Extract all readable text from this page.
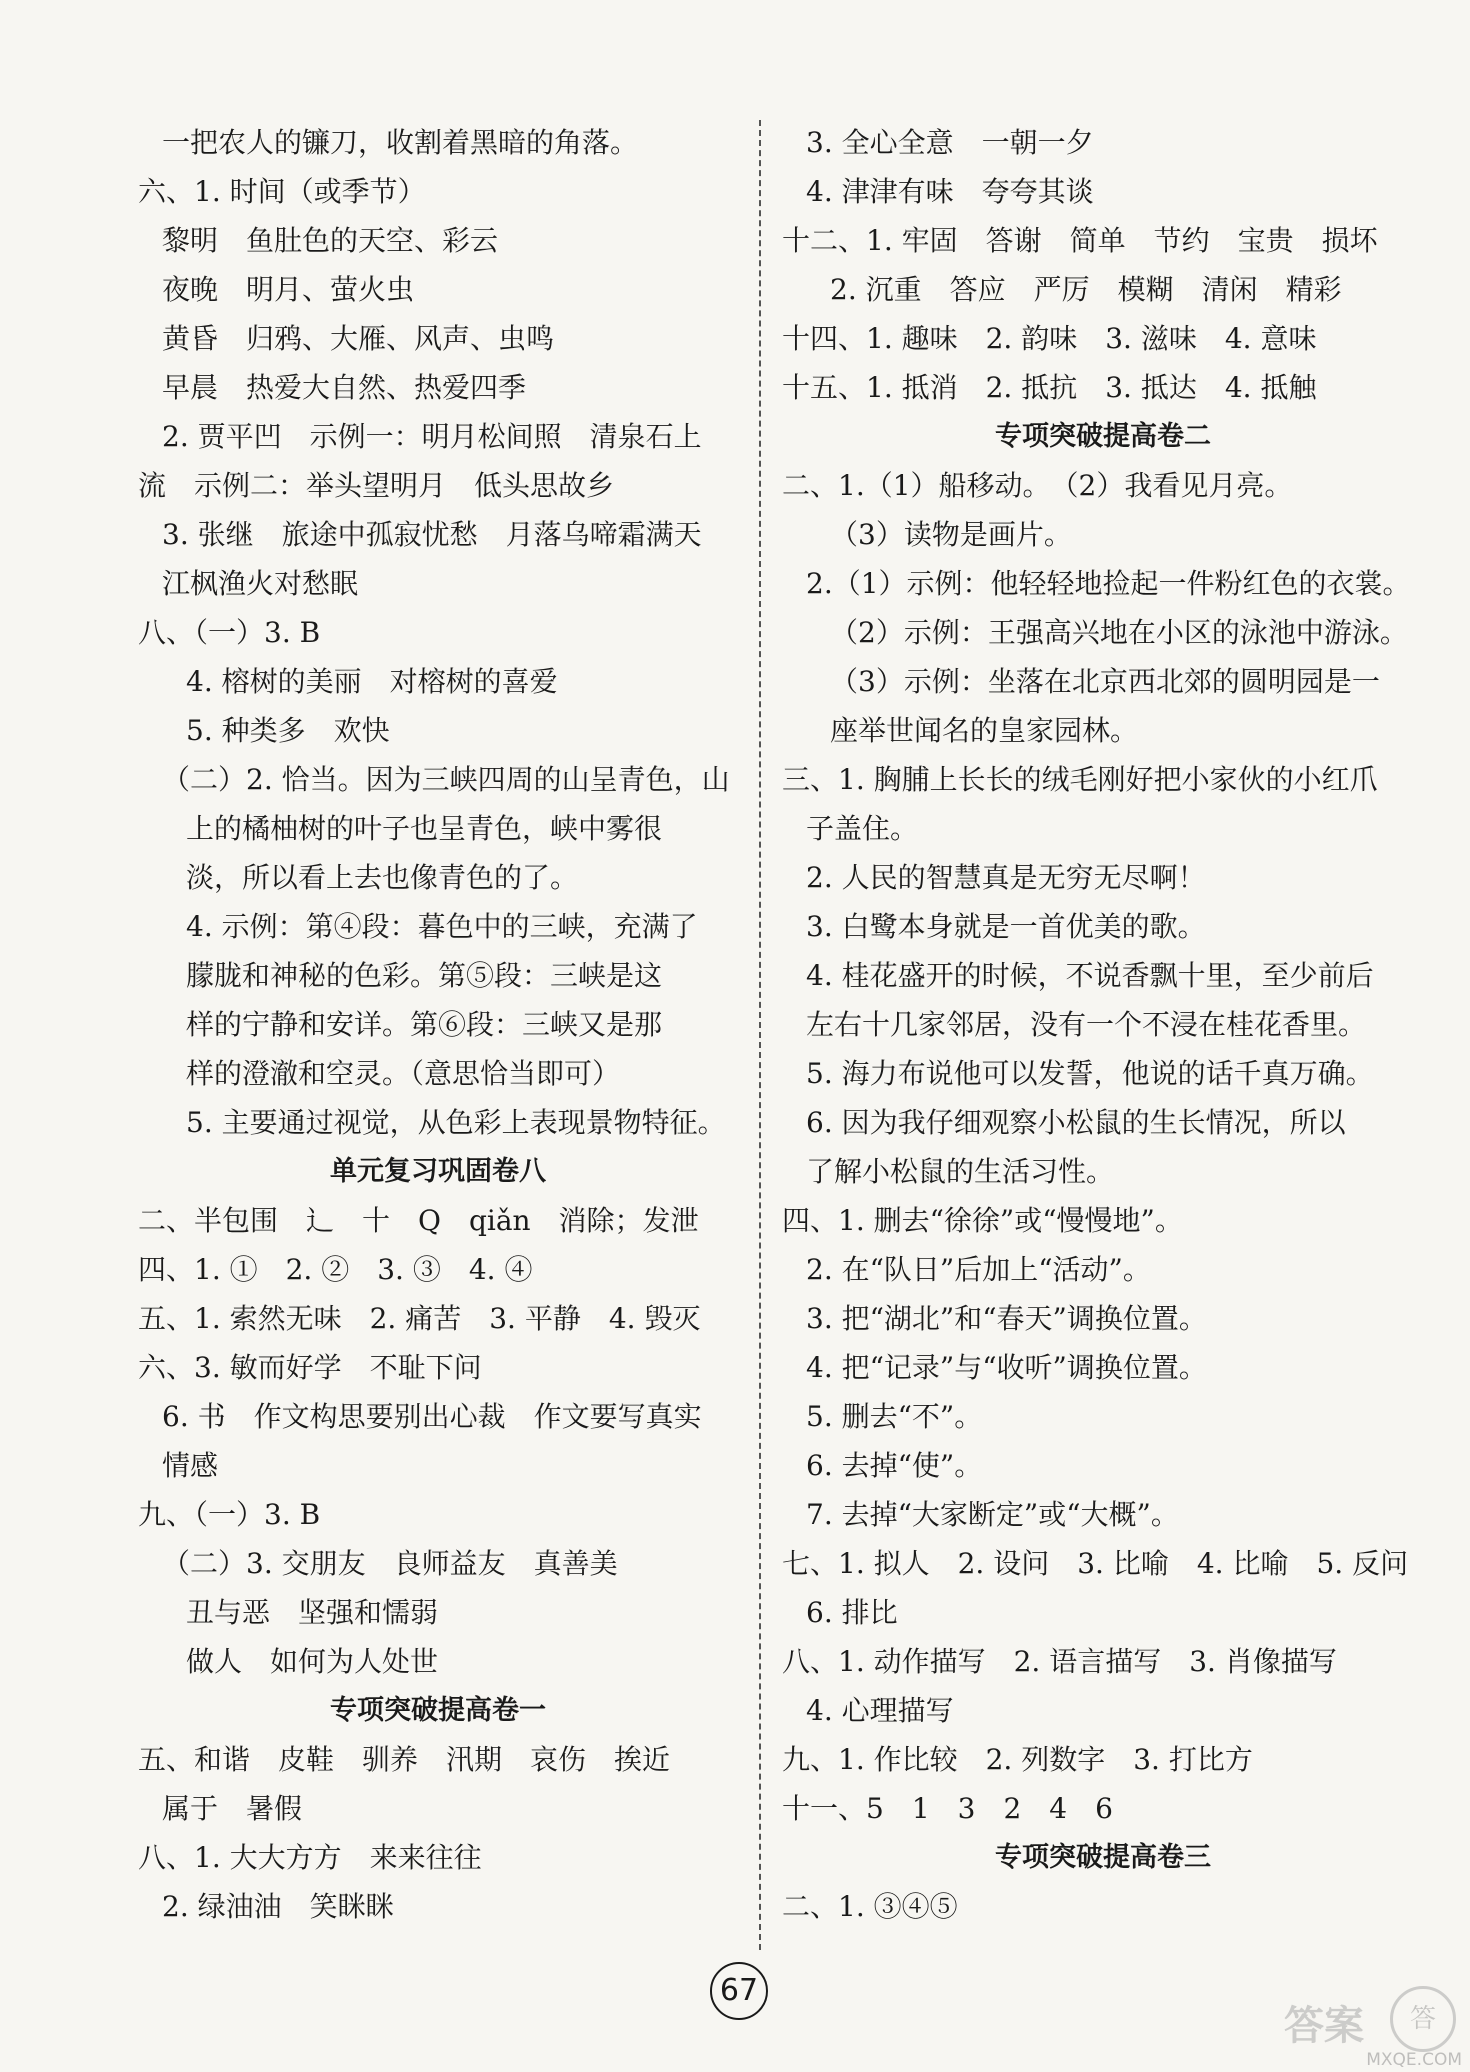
一把农人的镰刀，收割着黑暗的角落。
六、1. 时间（或季节）
黎明　鱼肚色的天空、彩云
夜晚　明月、萤火虫
黄昏　归鸦、大雁、风声、虫鸣
早晨　热爱大自然、热爱四季
2. 贾平凹　示例一：明月松间照　清泉石上
流　示例二：举头望明月　低头思故乡
3. 张继　旅途中孤寂忧愁　月落乌啼霜满天
江枫渔火对愁眠
八、（一）3. B
4. 榕树的美丽　对榕树的喜爱
5. 种类多　欢快
（二）2. 恰当。因为三峡四周的山呈青色，山
上的橘柚树的叶子也呈青色，峡中雾很
淡，所以看上去也像青色的了。
4. 示例：第④段：暮色中的三峡，充满了
朦胧和神秘的色彩。第⑤段：三峡是这
样的宁静和安详。第⑥段：三峡又是那
样的澄澈和空灵。（意思恰当即可）
5. 主要通过视觉，从色彩上表现景物特征。
单元复习巩固卷八
二、半包围　辶　十　Q　qiǎn　消除；发泄
四、1. ①　2. ②　3. ③　4. ④
五、1. 索然无味　2. 痛苦　3. 平静　4. 毁灭
六、3. 敏而好学　不耻下问
6. 书　作文构思要别出心裁　作文要写真实
情感
九、（一）3. B
（二）3. 交朋友　良师益友　真善美
丑与恶　坚强和懦弱
做人　如何为人处世
专项突破提高卷一
五、和谐　皮鞋　驯养　汛期　哀伤　挨近
属于　暑假
八、1. 大大方方　来来往往
2. 绿油油　笑眯眯
3. 全心全意　一朝一夕
4. 津津有味　夸夸其谈
十二、1. 牢固　答谢　简单　节约　宝贵　损坏
2. 沉重　答应　严厉　模糊　清闲　精彩
十四、1. 趣味　2. 韵味　3. 滋味　4. 意味
十五、1. 抵消　2. 抵抗　3. 抵达　4. 抵触
专项突破提高卷二
二、1.（1）船移动。　（2）我看见月亮。
（3）读物是画片。
2.（1）示例：他轻轻地捡起一件粉红色的衣裳。
（2）示例：王强高兴地在小区的泳池中游泳。
（3）示例：坐落在北京西北郊的圆明园是一
座举世闻名的皇家园林。
三、1. 胸脯上长长的绒毛刚好把小家伙的小红爪
子盖住。
2. 人民的智慧真是无穷无尽啊！
3. 白鹭本身就是一首优美的歌。
4. 桂花盛开的时候，不说香飘十里，至少前后
左右十几家邻居，没有一个不浸在桂花香里。
5. 海力布说他可以发誓，他说的话千真万确。
6. 因为我仔细观察小松鼠的生长情况，所以
了解小松鼠的生活习性。
四、1. 删去“徐徐”或“慢慢地”。
2. 在“队日”后加上“活动”。
3. 把“湖北”和“春天”调换位置。
4. 把“记录”与“收听”调换位置。
5. 删去“不”。
6. 去掉“使”。
7. 去掉“大家断定”或“大概”。
七、1. 拟人　2. 设问　3. 比喻　4. 比喻　5. 反问
6. 排比
八、1. 动作描写　2. 语言描写　3. 肖像描写
4. 心理描写
九、1. 作比较　2. 列数字　3. 打比方
十一、5　1　3　2　4　6
专项突破提高卷三
二、1. ③④⑤
67
答案	答
MXQE.COM
